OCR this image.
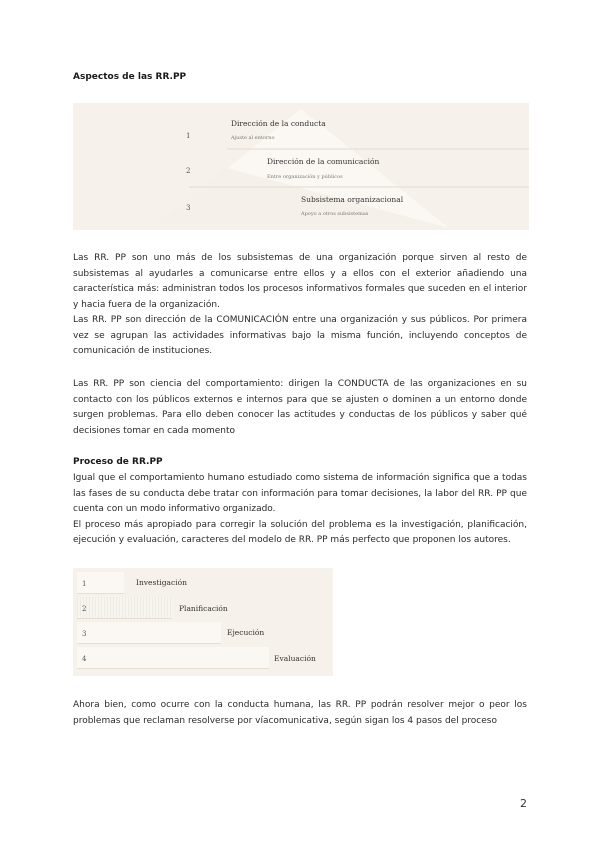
Aspectos de las RR.PP
1
Dirección de la conducta
Ajuste al entorno
2
Dirección de la comunicación
Entre organización y públicos
3
Subsistema organizacional
Apoyo a otros subsistemas

Las RR. PP son uno más de los subsistemas de una organización porque sirven al resto de subsistemas al ayudarles a comunicarse entre ellos y a ellos con el exterior añadiendo una característica más: administran todos los procesos informativos formales que suceden en el interior y hacia fuera de la organización.

Las RR. PP son dirección de la COMUNICACIÓN entre una organización y sus públicos. Por primera vez se agrupan las actividades informativas bajo la misma función, incluyendo conceptos de comunicación de instituciones.

Las RR. PP son ciencia del comportamiento: dirigen la CONDUCTA de las organizaciones en su contacto con los públicos externos e internos para que se ajusten o dominen a un entorno donde surgen problemas. Para ello deben conocer las actitudes y conductas de los públicos y saber qué decisiones tomar en cada momento

Proceso de RR.PP

Igual que el comportamiento humano estudiado como sistema de información significa que a todas las fases de su conducta debe tratar con información para tomar decisiones, la labor del RR. PP que cuenta con un modo informativo organizado.

El proceso más apropiado para corregir la solución del problema es la investigación, planificación, ejecución y evaluación, caracteres del modelo de RR. PP más perfecto que proponen los autores.

1	Investigación
2	Planificación
3	Ejecución
4	Evaluación

Ahora bien, como ocurre con la conducta humana, las RR. PP podrán resolver mejor o peor los problemas que reclaman resolverse por víacomunicativa, según sigan los 4 pasos del proceso

2
